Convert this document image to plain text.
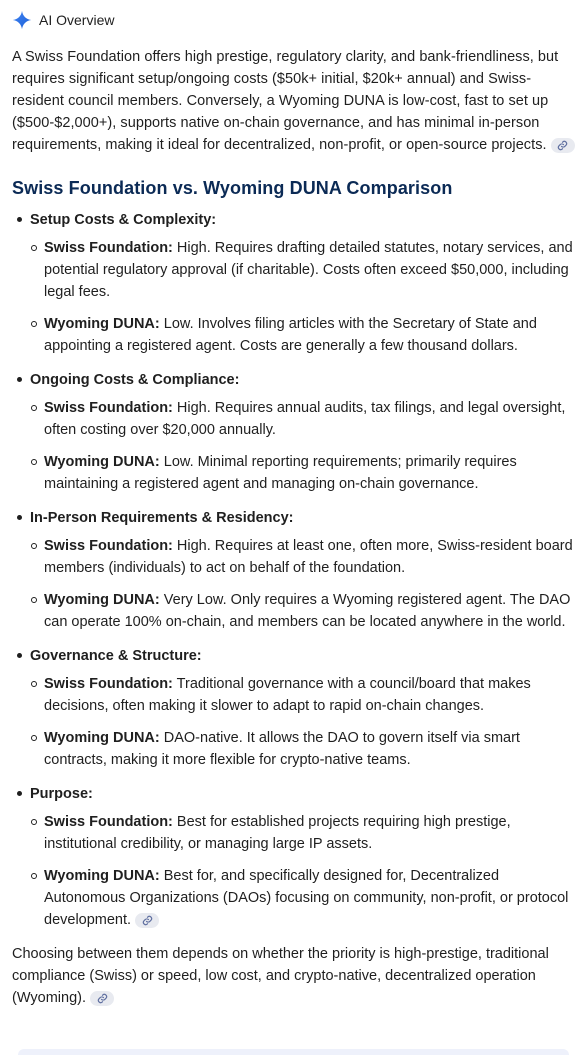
AI Overview

A Swiss Foundation offers high prestige, regulatory clarity, and bank-friendliness, but requires significant setup/ongoing costs ($50k+ initial, $20k+ annual) and Swiss-resident council members. Conversely, a Wyoming DUNA is low-cost, fast to set up ($500-$2,000+), supports native on-chain governance, and has minimal in-person requirements, making it ideal for decentralized, non-profit, or open-source projects.

Swiss Foundation vs. Wyoming DUNA Comparison
Setup Costs & Complexity:
Swiss Foundation: High. Requires drafting detailed statutes, notary services, and potential regulatory approval (if charitable). Costs often exceed $50,000, including legal fees.
Wyoming DUNA: Low. Involves filing articles with the Secretary of State and appointing a registered agent. Costs are generally a few thousand dollars.
Ongoing Costs & Compliance:
Swiss Foundation: High. Requires annual audits, tax filings, and legal oversight, often costing over $20,000 annually.
Wyoming DUNA: Low. Minimal reporting requirements; primarily requires maintaining a registered agent and managing on-chain governance.
In-Person Requirements & Residency:
Swiss Foundation: High. Requires at least one, often more, Swiss-resident board members (individuals) to act on behalf of the foundation.
Wyoming DUNA: Very Low. Only requires a Wyoming registered agent. The DAO can operate 100% on-chain, and members can be located anywhere in the world.
Governance & Structure:
Swiss Foundation: Traditional governance with a council/board that makes decisions, often making it slower to adapt to rapid on-chain changes.
Wyoming DUNA: DAO-native. It allows the DAO to govern itself via smart contracts, making it more flexible for crypto-native teams.
Purpose:
Swiss Foundation: Best for established projects requiring high prestige, institutional credibility, or managing large IP assets.
Wyoming DUNA: Best for, and specifically designed for, Decentralized Autonomous Organizations (DAOs) focusing on community, non-profit, or protocol development.

Choosing between them depends on whether the priority is high-prestige, traditional compliance (Swiss) or speed, low cost, and crypto-native, decentralized operation (Wyoming).
